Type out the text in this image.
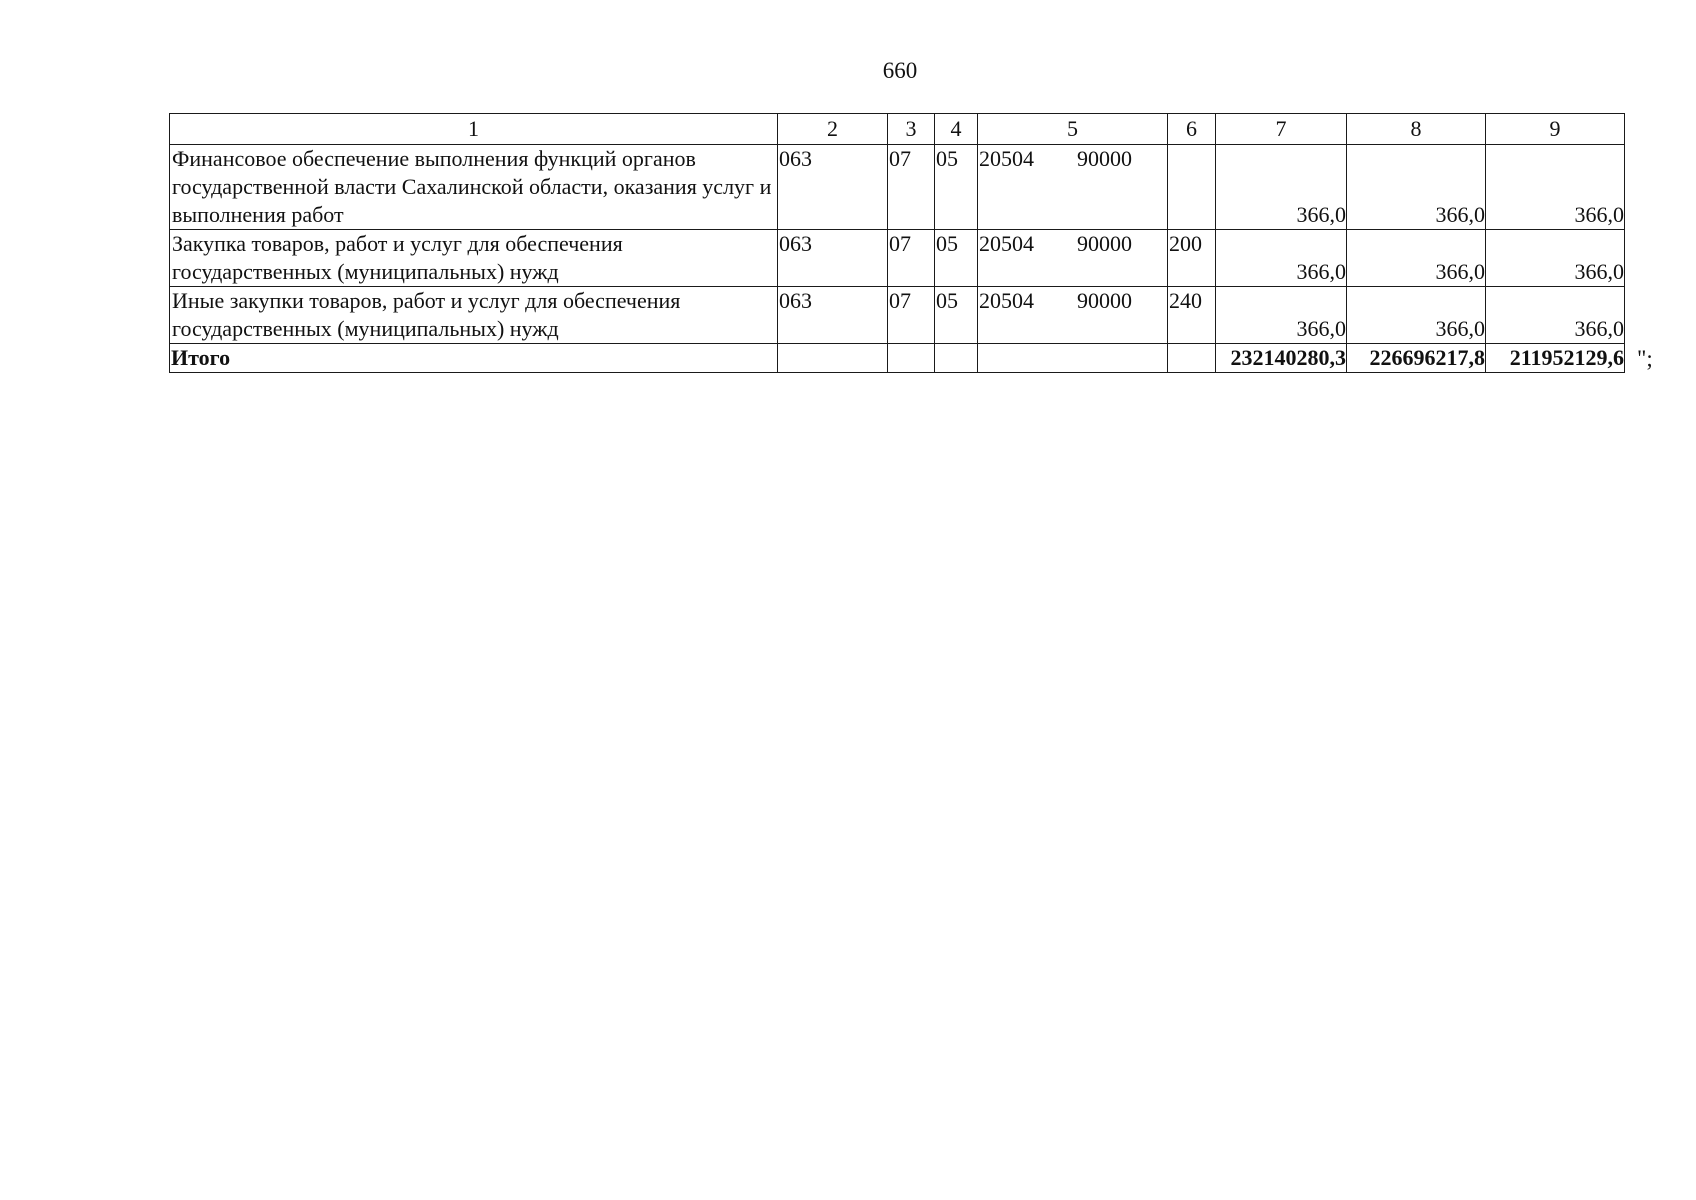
660
1	2	3	4	5	6	7	8	9
Финансовое обеспечение выполнения функций органов государственной власти Сахалинской области, оказания услуг и выполнения работ	063	07	05	20504 90000		366,0	366,0	366,0
Закупка товаров, работ и услуг для обеспечения государственных (муниципальных) нужд	063	07	05	20504 90000	200	366,0	366,0	366,0
Иные закупки товаров, работ и услуг для обеспечения государственных (муниципальных) нужд	063	07	05	20504 90000	240	366,0	366,0	366,0
Итого						232140280,3	226696217,8	211952129,6 ";
